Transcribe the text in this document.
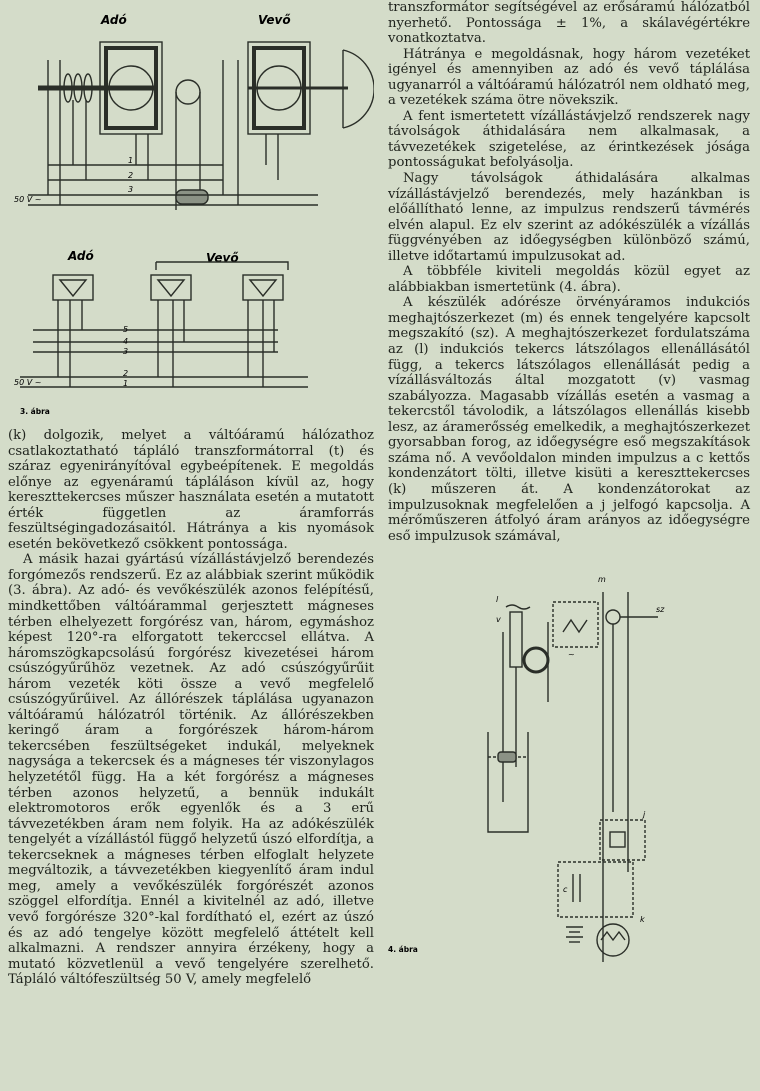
Adó	Vevő
50 V ~
1
2
3
Adó	Vevő
50 V ~
5
4
3
2
1
3. ábra

(k) dolgozik, melyet a váltóáramú hálózathoz csatlakoztatható tápláló transzformátorral (t) és száraz egyenirányítóval egybeépítenek. E megoldás előnye az egyenáramú tápláláson kívül az, hogy kereszttekercses műszer használata esetén a mutatott érték független az áramforrás feszültségingadozásaitól. Hátránya a kis nyomások esetén bekövetkező csökkent pontossága.

A másik hazai gyártású vízállástávjelző berendezés forgómezős rendszerű. Ez az alábbiak szerint működik (3. ábra). Az adó- és vevőkészülék azonos felépítésű, mindkettőben váltóárammal gerjesztett mágneses térben elhelyezett forgórész van, három, egymáshoz képest 120°-ra elforgatott tekerccsel ellátva. A háromszögkapcsolású forgórész kivezetései három csúszógyűrűhöz vezetnek. Az adó csúszógyűrűit három vezeték köti össze a vevő megfelelő csúszógyűrűivel. Az állórészek táplálása ugyanazon váltóáramú hálózatról történik. Az állórészekben keringő áram a forgórészek három-három tekercsében feszültségeket indukál, melyeknek nagysága a tekercsek és a mágneses tér viszonylagos helyzetétől függ. Ha a két forgórész a mágneses térben azonos helyzetű, a bennük indukált elektromotoros erők egyenlők és a 3 erű távvezetékben áram nem folyik. Ha az adókészülék tengelyét a vízállástól függő helyzetű úszó elfordítja, a tekercseknek a mágneses térben elfoglalt helyzete megváltozik, a távvezetékben kiegyenlítő áram indul meg, amely a vevőkészülék forgórészét azonos szöggel elfordítja. Ennél a kivitelnél az adó, illetve vevő forgórésze 320°-kal fordítható el, ezért az úszó és az adó tengelye között megfelelő áttételt kell alkalmazni. A rendszer annyira érzékeny, hogy a mutató közvetlenül a vevő tengelyére szerelhető. Tápláló váltófeszültség 50 V, amely megfelelő

transzformátor segítségével az erősáramú hálózatból nyerhető. Pontossága ± 1%, a skálavégértékre vonatkoztatva.

Hátránya e megoldásnak, hogy három vezetéket igényel és amennyiben az adó és vevő táplálása ugyanarról a váltóáramú hálózatról nem oldható meg, a vezetékek száma ötre növekszik.

A fent ismertetett vízállástávjelző rendszerek nagy távolságok áthidalására nem alkalmasak, a távvezetékek szigetelése, az érintkezések jósága pontosságukat befolyásolja.

Nagy távolságok áthidalására alkalmas vízállástávjelző berendezés, mely hazánkban is előállítható lenne, az impulzus rendszerű távmérés elvén alapul. Ez elv szerint az adókészülék a vízállás függvényében az időegységben különböző számú, illetve időtartamú impulzusokat ad.

A többféle kiviteli megoldás közül egyet az alábbiakban ismertetünk (4. ábra).

A készülék adórésze örvényáramos indukciós meghajtószerkezet (m) és ennek tengelyére kapcsolt megszakító (sz). A meghajtószerkezet fordulatszáma az (l) indukciós tekercs látszólagos ellenállásától függ, a tekercs látszólagos ellenállását pedig a vízállásváltozás által mozgatott (v) vasmag szabályozza. Magasabb vízállás esetén a vasmag a tekercstől távolodik, a látszólagos ellenállás kisebb lesz, az áramerősség emelkedik, a meghajtószerkezet gyorsabban forog, az időegységre eső megszakítások száma nő. A vevőoldalon minden impulzus a c kettős kondenzátort tölti, illetve kisüti a kereszttekercses (k) műszeren át. A kondenzátorokat az impulzusoknak megfelelően a j jelfogó kapcsolja. A mérőműszeren átfolyó áram arányos az időegységre eső impulzusok számával,

l
v
m
sz
~
j
c
k
4. ábra
